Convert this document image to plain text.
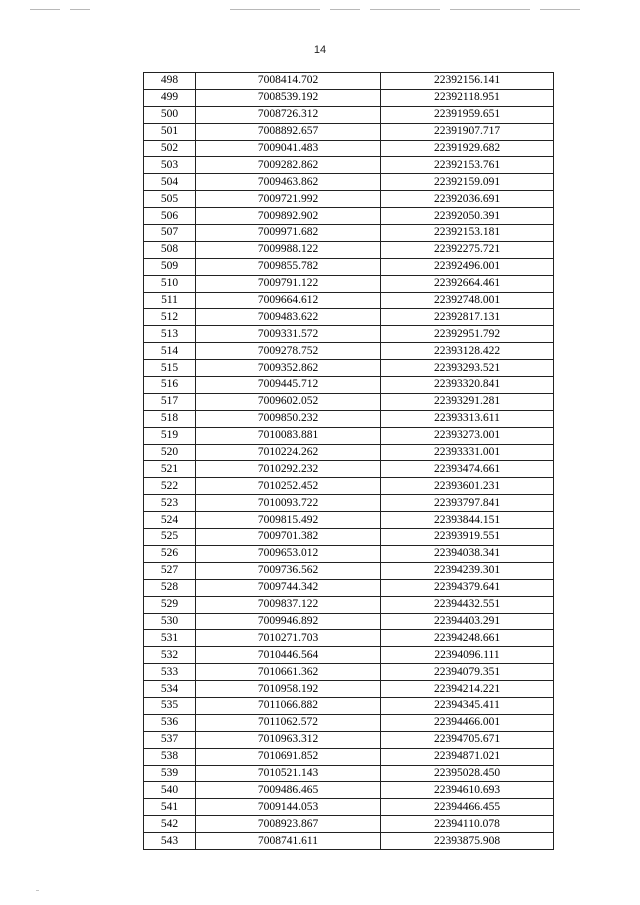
14
498	7008414.702	22392156.141
499	7008539.192	22392118.951
500	7008726.312	22391959.651
501	7008892.657	22391907.717
502	7009041.483	22391929.682
503	7009282.862	22392153.761
504	7009463.862	22392159.091
505	7009721.992	22392036.691
506	7009892.902	22392050.391
507	7009971.682	22392153.181
508	7009988.122	22392275.721
509	7009855.782	22392496.001
510	7009791.122	22392664.461
511	7009664.612	22392748.001
512	7009483.622	22392817.131
513	7009331.572	22392951.792
514	7009278.752	22393128.422
515	7009352.862	22393293.521
516	7009445.712	22393320.841
517	7009602.052	22393291.281
518	7009850.232	22393313.611
519	7010083.881	22393273.001
520	7010224.262	22393331.001
521	7010292.232	22393474.661
522	7010252.452	22393601.231
523	7010093.722	22393797.841
524	7009815.492	22393844.151
525	7009701.382	22393919.551
526	7009653.012	22394038.341
527	7009736.562	22394239.301
528	7009744.342	22394379.641
529	7009837.122	22394432.551
530	7009946.892	22394403.291
531	7010271.703	22394248.661
532	7010446.564	22394096.111
533	7010661.362	22394079.351
534	7010958.192	22394214.221
535	7011066.882	22394345.411
536	7011062.572	22394466.001
537	7010963.312	22394705.671
538	7010691.852	22394871.021
539	7010521.143	22395028.450
540	7009486.465	22394610.693
541	7009144.053	22394466.455
542	7008923.867	22394110.078
543	7008741.611	22393875.908
